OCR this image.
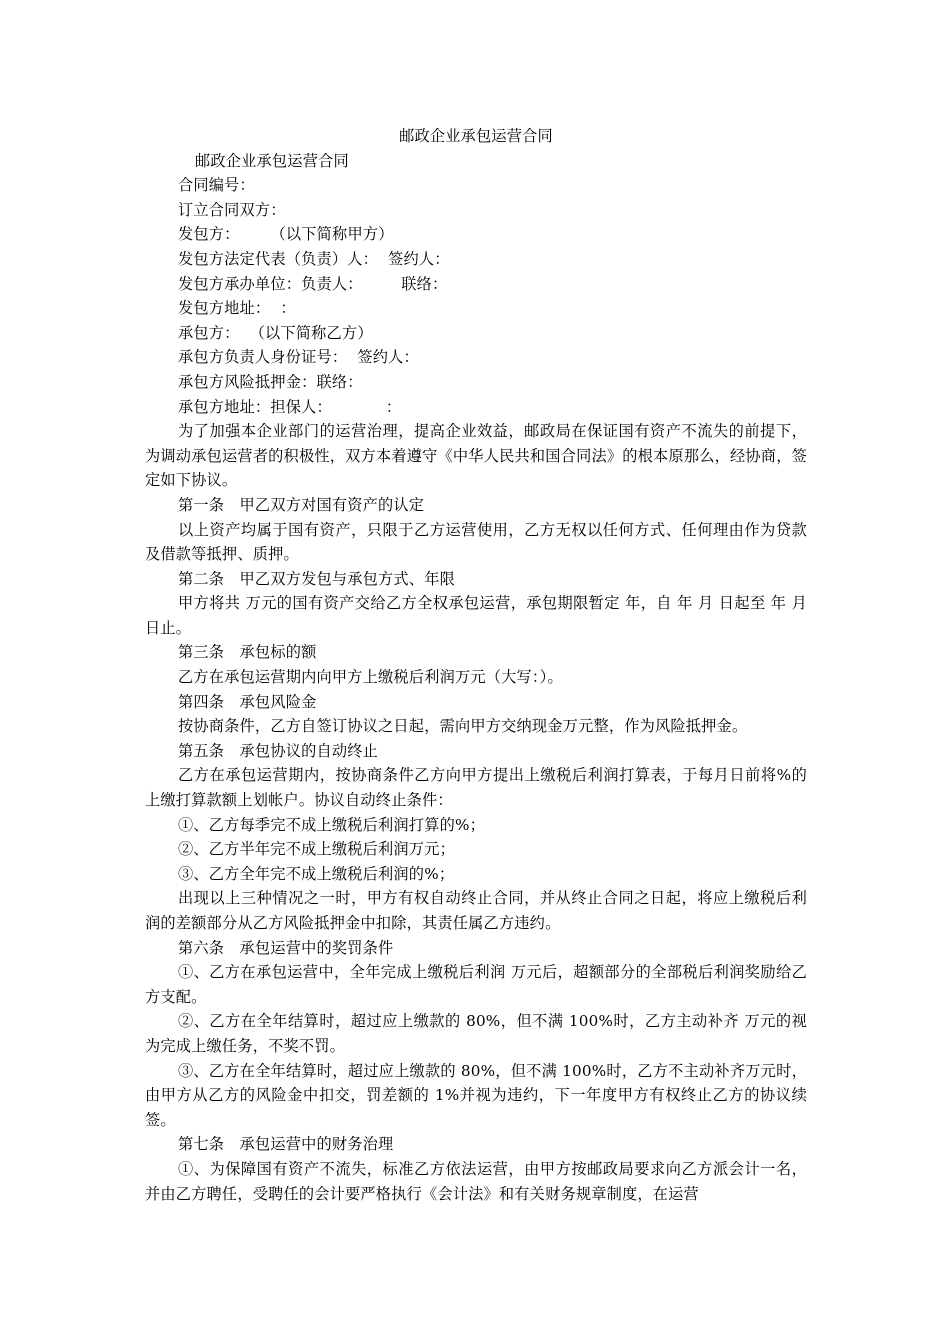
邮政企业承包运营合同

邮政企业承包运营合同

合同编号：

订立合同双方：

发包方：　　　（以下简称甲方）

发包方法定代表（负责）人：  签约人：

发包方承办单位：负责人：　　　联络：

发包方地址：  ：

承包方：  （以下简称乙方）

承包方负责人身份证号：  签约人：

承包方风险抵押金：联络：

承包方地址：担保人：　　　　：

为了加强本企业部门的运营治理，提高企业效益，邮政局在保证国有资产不流失的前提下，为调动承包运营者的积极性，双方本着遵守《中华人民共和国合同法》的根本原那么，经协商，签定如下协议。

第一条　甲乙双方对国有资产的认定

以上资产均属于国有资产，只限于乙方运营使用，乙方无权以任何方式、任何理由作为贷款及借款等抵押、质押。

第二条　甲乙双方发包与承包方式、年限

甲方将共 万元的国有资产交给乙方全权承包运营，承包期限暂定 年，自 年 月 日起至 年 月日止。

第三条　承包标的额

乙方在承包运营期内向甲方上缴税后利润万元（大写：）。

第四条　承包风险金

按协商条件，乙方自签订协议之日起，需向甲方交纳现金万元整，作为风险抵押金。

第五条　承包协议的自动终止

乙方在承包运营期内，按协商条件乙方向甲方提出上缴税后利润打算表，于每月日前将%的上缴打算款额上划帐户。协议自动终止条件：

①、乙方每季完不成上缴税后利润打算的%；

②、乙方半年完不成上缴税后利润万元；

③、乙方全年完不成上缴税后利润的%；

出现以上三种情况之一时，甲方有权自动终止合同，并从终止合同之日起，将应上缴税后利润的差额部分从乙方风险抵押金中扣除，其责任属乙方违约。

第六条　承包运营中的奖罚条件

①、乙方在承包运营中，全年完成上缴税后利润 万元后，超额部分的全部税后利润奖励给乙方支配。

②、乙方在全年结算时，超过应上缴款的 80%，但不满 100%时，乙方主动补齐 万元的视为完成上缴任务，不奖不罚。

③、乙方在全年结算时，超过应上缴款的 80%，但不满 100%时，乙方不主动补齐万元时，由甲方从乙方的风险金中扣交，罚差额的 1%并视为违约，下一年度甲方有权终止乙方的协议续签。

第七条　承包运营中的财务治理

①、为保障国有资产不流失，标准乙方依法运营，由甲方按邮政局要求向乙方派会计一名，并由乙方聘任，受聘任的会计要严格执行《会计法》和有关财务规章制度，在运营
